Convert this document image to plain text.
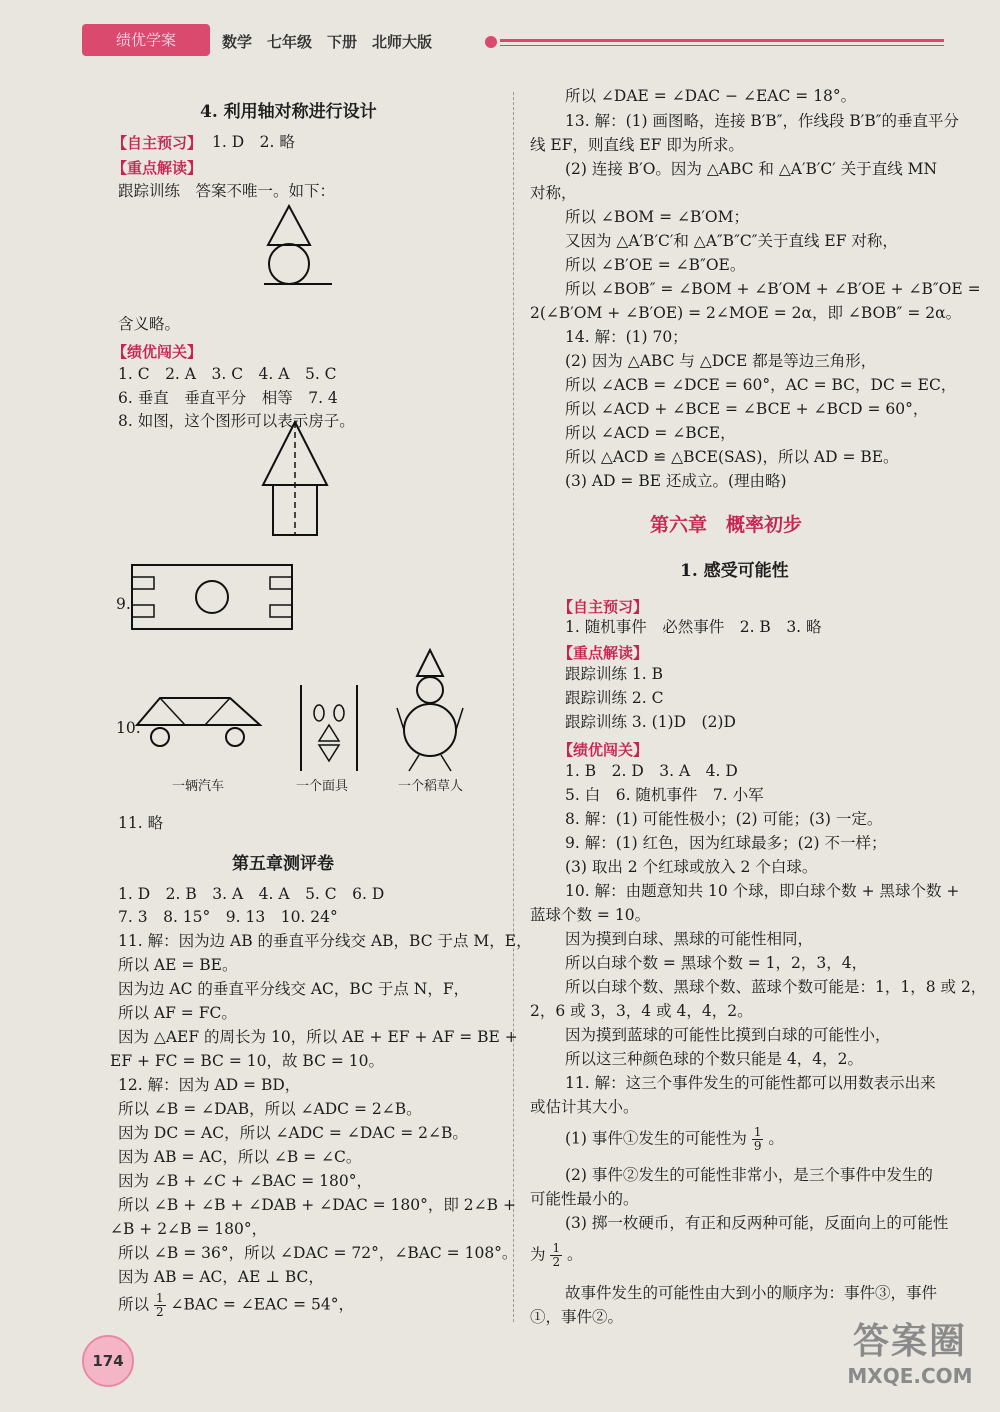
绩优学案	数学　七年级　下册　北师大版
4. 利用轴对称进行设计
【自主预习】 1. D　2. 略
【重点解读】
跟踪训练　答案不唯一。如下：
含义略。
【绩优闯关】
1. C　2. A　3. C　4. A　5. C
6. 垂直　垂直平分　相等　7. 4
8. 如图，这个图形可以表示房子。
9.
10.
一辆汽车	一个面具	一个稻草人
11. 略
第五章测评卷
1. D　2. B　3. A　4. A　5. C　6. D
7. 3　8. 15°　9. 13　10. 24°
11. 解：因为边 AB 的垂直平分线交 AB，BC 于点 M，E，
所以 AE = BE。
因为边 AC 的垂直平分线交 AC，BC 于点 N，F，
所以 AF = FC。
因为 △AEF 的周长为 10，所以 AE + EF + AF = BE +
EF + FC = BC = 10，故 BC = 10。
12. 解：因为 AD = BD，
所以 ∠B = ∠DAB，所以 ∠ADC = 2∠B。
因为 DC = AC，所以 ∠ADC = ∠DAC = 2∠B。
因为 AB = AC，所以 ∠B = ∠C。
因为 ∠B + ∠C + ∠BAC = 180°，
所以 ∠B + ∠B + ∠DAB + ∠DAC = 180°，即 2∠B +
∠B + 2∠B = 180°，
所以 ∠B = 36°，所以 ∠DAC = 72°，∠BAC = 108°。
因为 AB = AC，AE ⊥ BC，
所以 $\frac{1}{2}$ ∠BAC = ∠EAC = 54°，
所以 ∠DAE = ∠DAC − ∠EAC = 18°。
13. 解：(1) 画图略，连接 B′B″，作线段 B′B″的垂直平分
线 EF，则直线 EF 即为所求。
(2) 连接 B′O。因为 △ABC 和 △A′B′C′ 关于直线 MN
对称，
所以 ∠BOM = ∠B′OM；
又因为 △A′B′C′和 △A″B″C″关于直线 EF 对称，
所以 ∠B′OE = ∠B″OE。
所以 ∠BOB″ = ∠BOM + ∠B′OM + ∠B′OE + ∠B″OE =
2(∠B′OM + ∠B′OE) = 2∠MOE = 2α，即 ∠BOB″ = 2α。
14. 解：(1) 70；
(2) 因为 △ABC 与 △DCE 都是等边三角形，
所以 ∠ACB = ∠DCE = 60°，AC = BC，DC = EC，
所以 ∠ACD + ∠BCE = ∠BCE + ∠BCD = 60°，
所以 ∠ACD = ∠BCE，
所以 △ACD ≌ △BCE(SAS)，所以 AD = BE。
(3) AD = BE 还成立。(理由略)
第六章　概率初步
1. 感受可能性
【自主预习】
1. 随机事件　必然事件　2. B　3. 略
【重点解读】
跟踪训练 1. B
跟踪训练 2. C
跟踪训练 3. (1)D　(2)D
【绩优闯关】
1. B　2. D　3. A　4. D
5. 白　6. 随机事件　7. 小军
8. 解：(1) 可能性极小；(2) 可能；(3) 一定。
9. 解：(1) 红色，因为红球最多；(2) 不一样；
(3) 取出 2 个红球或放入 2 个白球。
10. 解：由题意知共 10 个球，即白球个数 + 黑球个数 +
蓝球个数 = 10。
因为摸到白球、黑球的可能性相同，
所以白球个数 = 黑球个数 = 1，2，3，4，
所以白球个数、黑球个数、蓝球个数可能是：1，1，8 或 2，
2，6 或 3，3，4 或 4，4，2。
因为摸到蓝球的可能性比摸到白球的可能性小，
所以这三种颜色球的个数只能是 4，4，2。
11. 解：这三个事件发生的可能性都可以用数表示出来
或估计其大小。
(1) 事件①发生的可能性为 $\frac{1}{9}$ 。
(2) 事件②发生的可能性非常小，是三个事件中发生的
可能性最小的。
(3) 掷一枚硬币，有正和反两种可能，反面向上的可能性
为 $\frac{1}{2}$ 。
故事件发生的可能性由大到小的顺序为：事件③，事件
①，事件②。
174	答案圈
MXQE.COM
